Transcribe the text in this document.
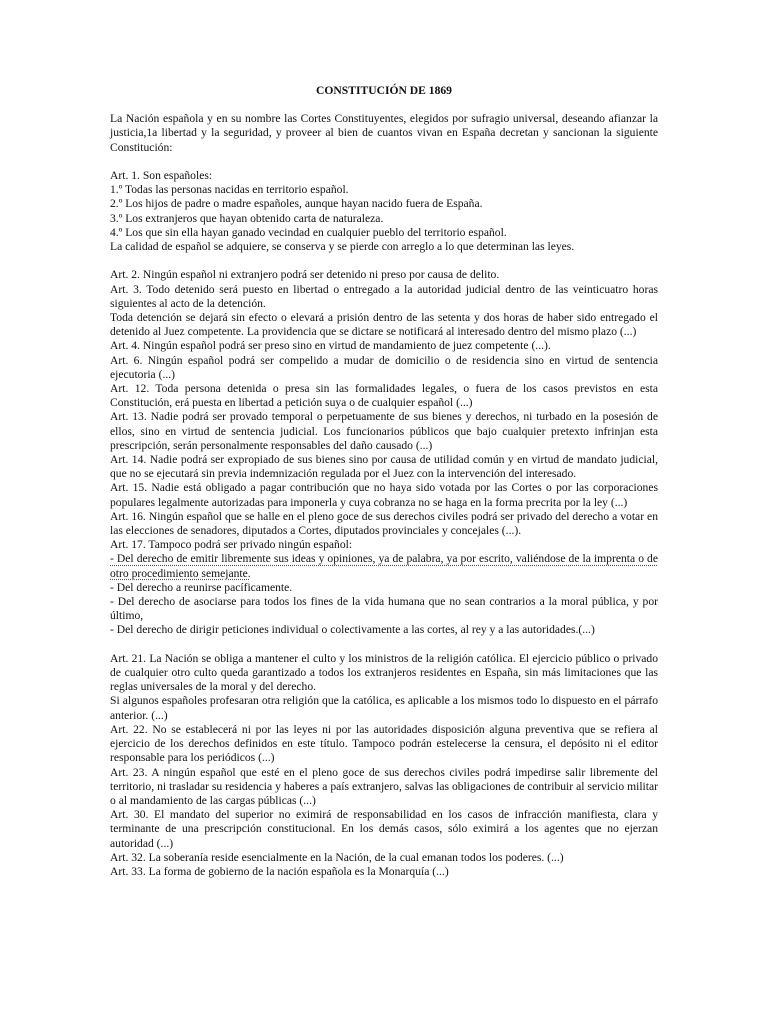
CONSTITUCIÓN DE 1869

La Nación española y en su nombre las Cortes Constituyentes, elegidos por sufragio universal, deseando afianzar la justicia,1a libertad y la seguridad, y proveer al bien de cuantos vivan en España decretan y sancionan la siguiente Constitución:

Art. 1. Son españoles:

1.º Todas las personas nacidas en territorio español.

2.º Los hijos de padre o madre españoles, aunque hayan nacido fuera de España.

3.º Los extranjeros que hayan obtenido carta de naturaleza.

4.º Los que sin ella hayan ganado vecindad en cualquier pueblo del territorio español.

La calidad de español se adquiere, se conserva y se pierde con arreglo a lo que determinan las leyes.

Art. 2. Ningún español ni extranjero podrá ser detenido ni preso por causa de delito.

Art. 3. Todo detenido será puesto en libertad o entregado a la autoridad judicial dentro de las veinticuatro horas siguientes al acto de la detención.

Toda detención se dejará sin efecto o elevará a prisión dentro de las setenta y dos horas de haber sido entregado el detenido al Juez competente. La providencia que se dictare se notificará al interesado dentro del mismo plazo (...)

Art. 4. Ningún español podrá ser preso sino en virtud de mandamiento de juez competente (...).

Art. 6. Ningún español podrá ser compelido a mudar de domicilio o de residencia sino en virtud de sentencia ejecutoria (...)

Art. 12. Toda persona detenida o presa sin las formalidades legales, o fuera de los casos previstos en esta Constitución, erá puesta en libertad a petición suya o de cualquier español (...)

Art. 13. Nadie podrá ser provado temporal o perpetuamente de sus bienes y derechos, ni turbado en la posesión de ellos, sino en virtud de sentencia judicial. Los funcionarios públicos que bajo cualquier pretexto infrinjan esta prescripción, serán personalmente responsables del daño causado (...)

Art. 14. Nadie podrá ser expropiado de sus bienes sino por causa de utilidad común y en virtud de mandato judicial, que no se ejecutará sin previa indemnización regulada por el Juez con la intervención del interesado.

Art. 15. Nadie está obligado a pagar contribución que no haya sido votada por las Cortes o por las corporaciones populares legalmente autorizadas para imponerla y cuya cobranza no se haga en la forma precrita por la ley (...)

Art. 16. Ningún español que se halle en el pleno goce de sus derechos civiles podrá ser privado del derecho a votar en las elecciones de senadores, diputados a Cortes, diputados provinciales y concejales (...).

Art. 17. Tampoco podrá ser privado ningún español:

- Del derecho de emitir libremente sus ideas y opiniones, ya de palabra, ya por escrito, valiéndose de la imprenta o de otro procedimiento semejante.

- Del derecho a reunirse pacíficamente.

- Del derecho de asociarse para todos los fines de la vida humana que no sean contrarios a la moral pública, y por último,

- Del derecho de dirigir peticiones individual o colectivamente a las cortes, al rey y a las autoridades.(...)

Art. 21. La Nación se obliga a mantener el culto y los ministros de la religión católica. El ejercicio público o privado de cualquier otro culto queda garantizado a todos los extranjeros residentes en España, sin más limitaciones que las reglas universales de la moral y del derecho.

Si algunos españoles profesaran otra religión que la católica, es aplicable a los mismos todo lo dispuesto en el párrafo anterior. (...)

Art. 22. No se establecerá ni por las leyes ni por las autoridades disposición alguna preventiva que se refiera al ejercicio de los derechos definidos en este título. Tampoco podrán estelecerse la censura, el depósito ni el editor responsable para los periódicos (...)

Art. 23. A ningún español que esté en el pleno goce de sus derechos civiles podrá impedirse salir libremente del territorio, ni trasladar su residencia y haberes a país extranjero, salvas las obligaciones de contribuir al servicio militar o al mandamiento de las cargas públicas (...)

Art. 30. El mandato del superior no eximirá de responsabilidad en los casos de infracción manifiesta, clara y terminante de una prescripción constitucional. En los demás casos, sólo eximirá a los agentes que no ejerzan autoridad (...)

Art. 32. La soberanía reside esencialmente en la Nación, de la cual emanan todos los poderes. (...)

Art. 33. La forma de gobierno de la nación española es la Monarquía (...)
